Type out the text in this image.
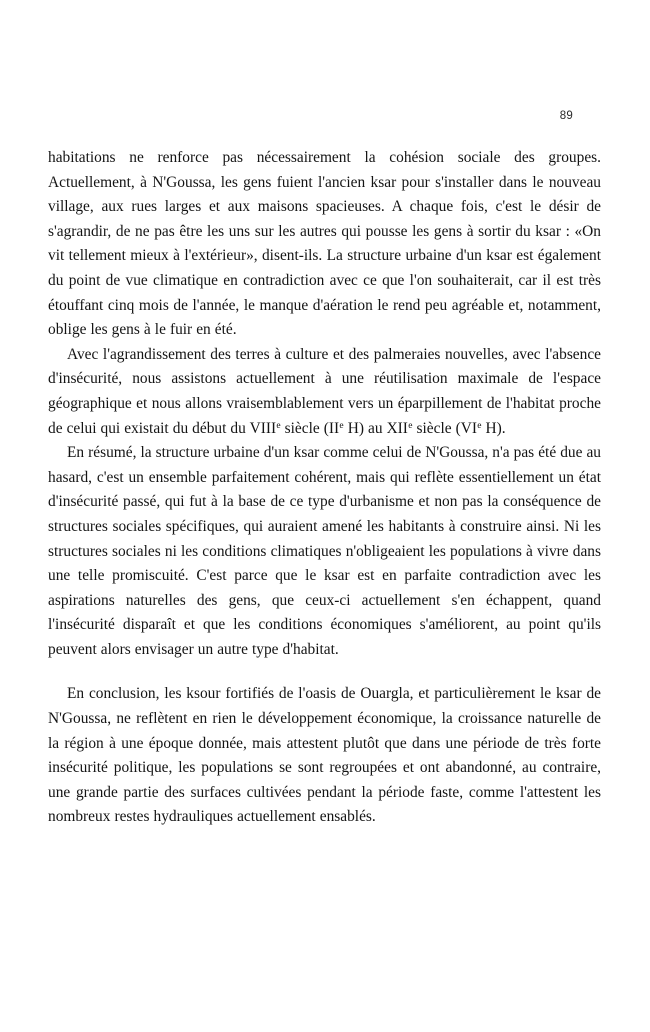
89

habitations ne renforce pas nécessairement la cohésion sociale des groupes. Actuellement, à N'Goussa, les gens fuient l'ancien ksar pour s'installer dans le nouveau village, aux rues larges et aux maisons spacieuses. A chaque fois, c'est le désir de s'agrandir, de ne pas être les uns sur les autres qui pousse les gens à sortir du ksar : «On vit tellement mieux à l'extérieur», disent-ils. La structure urbaine d'un ksar est également du point de vue climatique en contradiction avec ce que l'on souhaiterait, car il est très étouffant cinq mois de l'année, le manque d'aération le rend peu agréable et, notamment, oblige les gens à le fuir en été.

Avec l'agrandissement des terres à culture et des palmeraies nouvelles, avec l'absence d'insécurité, nous assistons actuellement à une réutilisation maximale de l'espace géographique et nous allons vraisemblablement vers un éparpillement de l'habitat proche de celui qui existait du début du VIIIe siècle (IIe H) au XIIe siècle (VIe H).

En résumé, la structure urbaine d'un ksar comme celui de N'Goussa, n'a pas été due au hasard, c'est un ensemble parfaitement cohérent, mais qui reflète essentiellement un état d'insécurité passé, qui fut à la base de ce type d'urbanisme et non pas la conséquence de structures sociales spécifiques, qui auraient amené les habitants à construire ainsi. Ni les structures sociales ni les conditions climatiques n'obligeaient les populations à vivre dans une telle promiscuité. C'est parce que le ksar est en parfaite contradiction avec les aspirations naturelles des gens, que ceux-ci actuellement s'en échappent, quand l'insécurité disparaît et que les conditions économiques s'améliorent, au point qu'ils peuvent alors envisager un autre type d'habitat.

En conclusion, les ksour fortifiés de l'oasis de Ouargla, et particulièrement le ksar de N'Goussa, ne reflètent en rien le développement économique, la croissance naturelle de la région à une époque donnée, mais attestent plutôt que dans une période de très forte insécurité politique, les populations se sont regroupées et ont abandonné, au contraire, une grande partie des surfaces cultivées pendant la période faste, comme l'attestent les nombreux restes hydrauliques actuellement ensablés.
